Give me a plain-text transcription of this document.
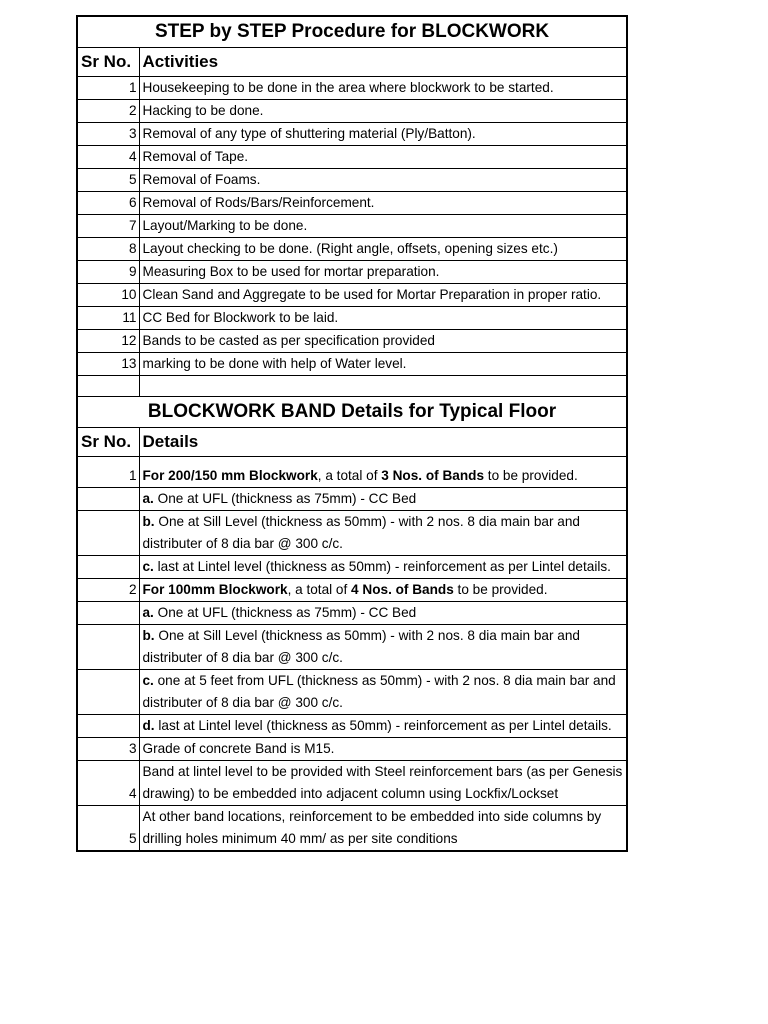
STEP by STEP Procedure for BLOCKWORK	
Sr No.	Activities
1	Housekeeping to be done in the area where blockwork to be started.
2	Hacking to be done.
3	Removal of any type of shuttering material (Ply/Batton).
4	Removal of Tape.
5	Removal of Foams.
6	Removal of Rods/Bars/Reinforcement.
7	Layout/Marking to be done.
8	Layout checking to be done. (Right angle, offsets, opening sizes etc.)
9	Measuring Box to be used for mortar preparation.
10	Clean Sand and Aggregate to be used for Mortar Preparation in proper ratio.
11	CC Bed for Blockwork to be laid.
12	Bands to be casted as per specification provided
13	marking to be done with help of Water level.

BLOCKWORK BAND Details for Typical Floor	
Sr No.	Details
1	For 200/150 mm Blockwork, a total of 3 Nos. of Bands to be provided.
	a. One at UFL (thickness as 75mm) - CC Bed
	b. One at Sill Level (thickness as 50mm) - with 2 nos. 8 dia main bar and distributer of 8 dia bar @ 300 c/c.
	c. last at Lintel level (thickness as 50mm) - reinforcement as per Lintel details.
2	For 100mm Blockwork, a total of 4 Nos. of Bands to be provided.
	a. One at UFL (thickness as 75mm) - CC Bed
	b. One at Sill Level (thickness as 50mm) - with 2 nos. 8 dia main bar and distributer of 8 dia bar @ 300 c/c.
	c. one at 5 feet from UFL (thickness as 50mm) - with 2 nos. 8 dia main bar and distributer of 8 dia bar @ 300 c/c.
	d. last at Lintel level (thickness as 50mm) - reinforcement as per Lintel details.
3	Grade of concrete Band is M15.
4	Band at lintel level to be provided with Steel reinforcement bars (as per Genesis drawing) to be embedded into adjacent column using Lockfix/Lockset
5	At other band locations, reinforcement to be embedded into side columns by drilling holes minimum 40 mm/ as per site conditions
